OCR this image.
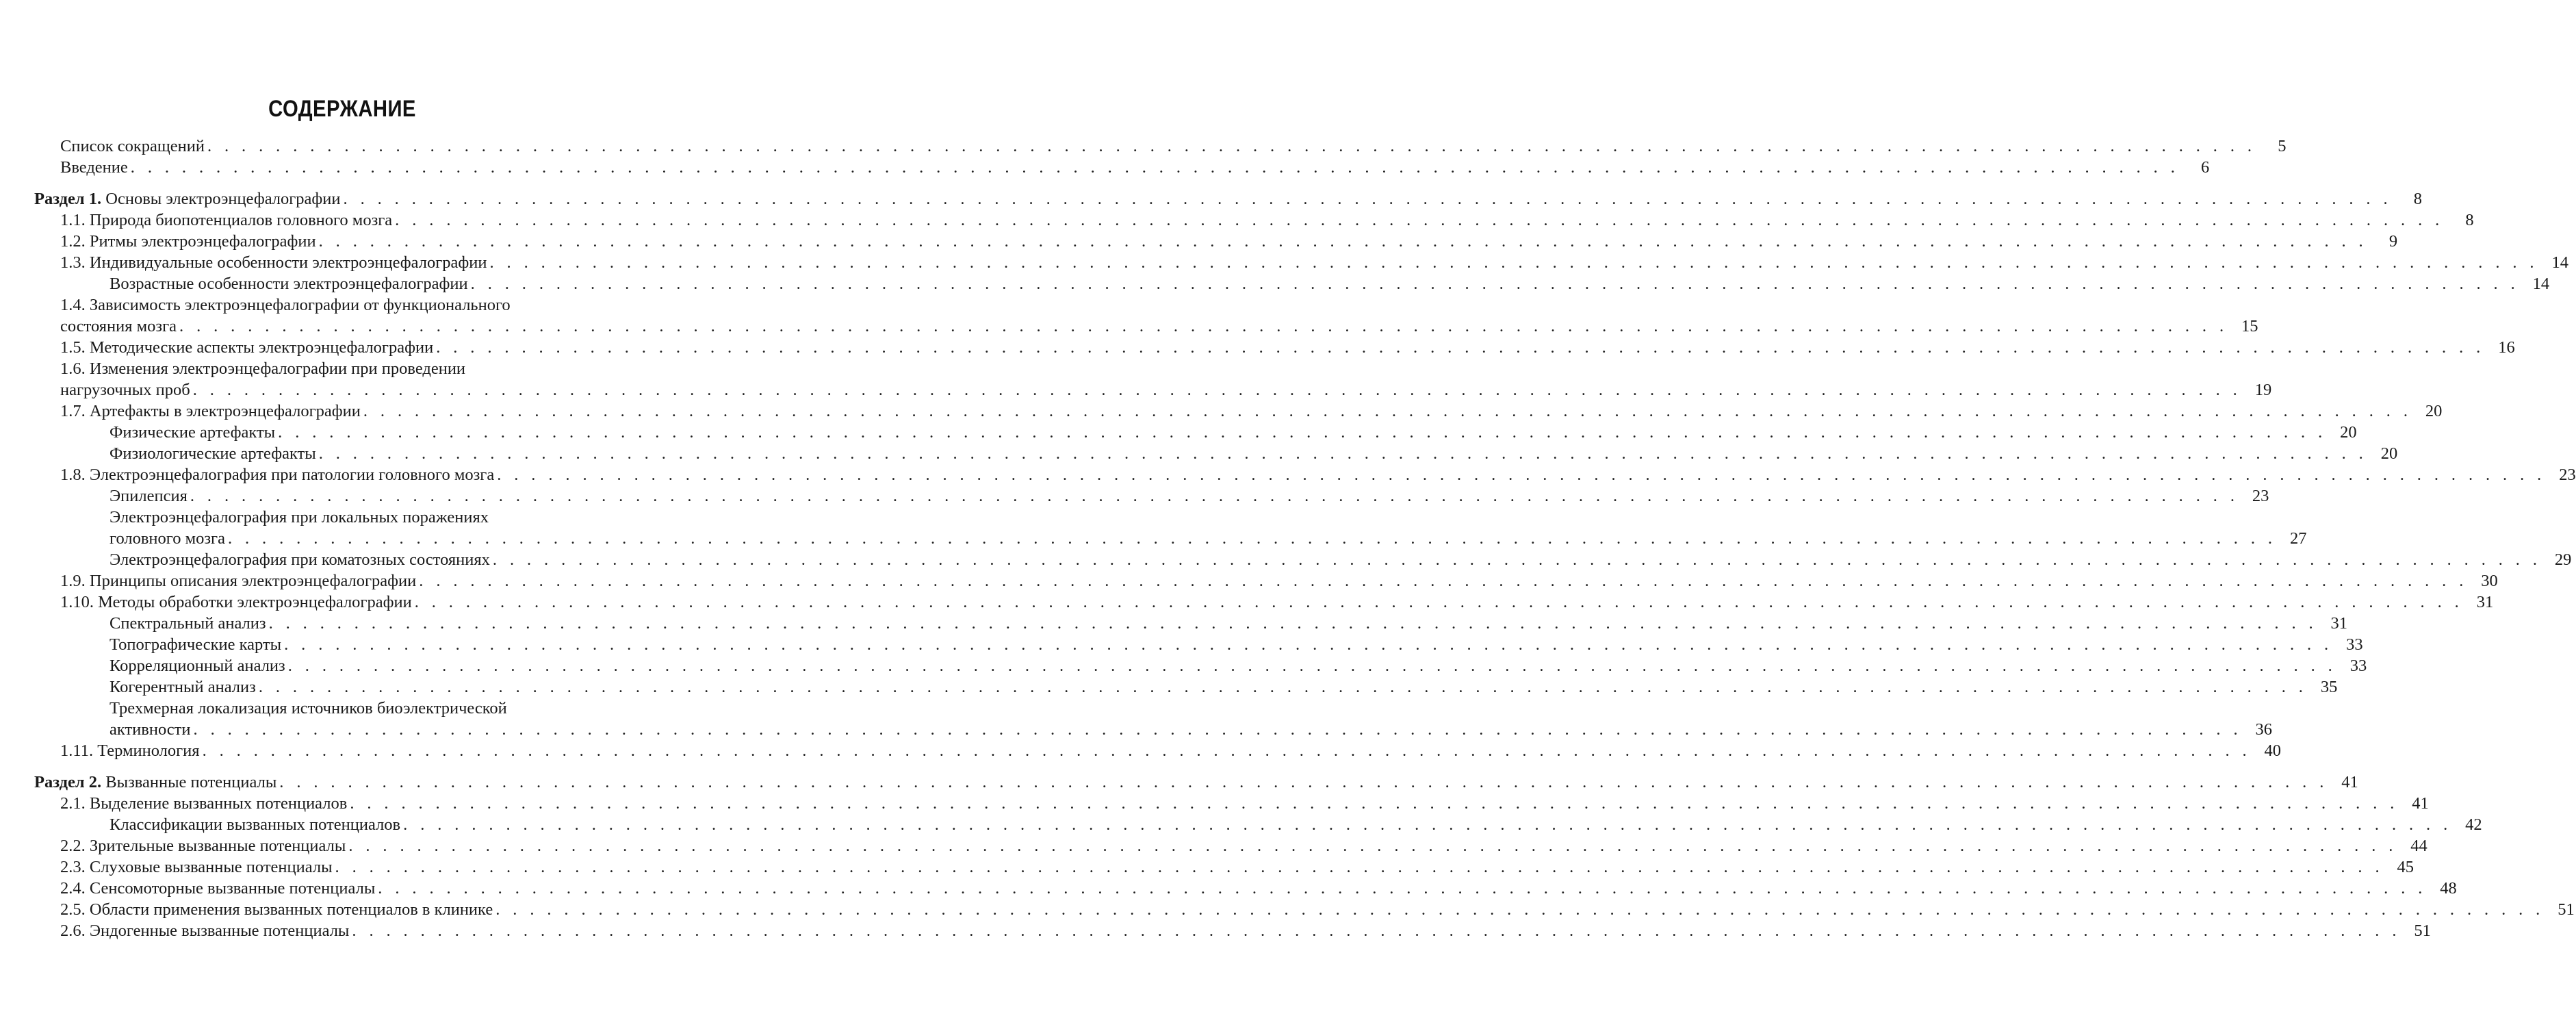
СОДЕРЖАНИЕ
Список сокращений . . . . . . . . . . . . . . . . . . . . . . . . . . . . . . . . . . . . . . . . . . . . . . . . . . . . . . . . . . . . . . . . . . . . . . . . . . . . . . . . . . . . . . . . . . . . . . . . . . . . . . . . . . . . . . . . . . . . . . . .	5
Введение . . . . . . . . . . . . . . . . . . . . . . . . . . . . . . . . . . . . . . . . . . . . . . . . . . . . . . . . . . . . . . . . . . . . . . . . . . . . . . . . . . . . . . . . . . . . . . . . . . . . . . . . . . . . . . . . . . . . . . . .	6
Раздел 1. Основы электроэнцефалографии . . . . . . . . . . . . . . . . . . . . . . . . . . . . . . . . . . . . . . . . . . . . . . . . . . . . . . . . . . . . . . . . . . . . . . . . . . . . . . . . . . . . . . . . . . . . . . . . . . . . . . . . . . . . . . . . . . . . . . . .	8
1.1. Природа биопотенциалов головного мозга . . . . . . . . . . . . . . . . . . . . . . . . . . . . . . . . . . . . . . . . . . . . . . . . . . . . . . . . . . . . . . . . . . . . . . . . . . . . . . . . . . . . . . . . . . . . . . . . . . . . . . . . . . . . . . . . . . . . . . . .	8
1.2. Ритмы электроэнцефалографии . . . . . . . . . . . . . . . . . . . . . . . . . . . . . . . . . . . . . . . . . . . . . . . . . . . . . . . . . . . . . . . . . . . . . . . . . . . . . . . . . . . . . . . . . . . . . . . . . . . . . . . . . . . . . . . . . . . . . . . .	9
1.3. Индивидуальные особенности электроэнцефалографии . . . . . . . . . . . . . . . . . . . . . . . . . . . . . . . . . . . . . . . . . . . . . . . . . . . . . . . . . . . . . . . . . . . . . . . . . . . . . . . . . . . . . . . . . . . . . . . . . . . . . . . . . . . . . . . . . . . . . . . . 14
Возрастные особенности электроэнцефалографии . . . . . . . . . . . . . . . . . . . . . . . . . . . . . . . . . . . . . . . . . . . . . . . . . . . . . . . . . . . . . . . . . . . . . . . . . . . . . . . . . . . . . . . . . . . . . . . . . . . . . . . . . . . . . . . . . . . . . . . . 14
1.4. Зависимость электроэнцефалографии от функционального
состояния мозга . . . . . . . . . . . . . . . . . . . . . . . . . . . . . . . . . . . . . . . . . . . . . . . . . . . . . . . . . . . . . . . . . . . . . . . . . . . . . . . . . . . . . . . . . . . . . . . . . . . . . . . . . . . . . . . . . . . . . . . . 15
1.5. Методические аспекты электроэнцефалографии . . . . . . . . . . . . . . . . . . . . . . . . . . . . . . . . . . . . . . . . . . . . . . . . . . . . . . . . . . . . . . . . . . . . . . . . . . . . . . . . . . . . . . . . . . . . . . . . . . . . . . . . . . . . . . . . . . . . . . . . 16
1.6. Изменения электроэнцефалографии при проведении
нагрузочных проб . . . . . . . . . . . . . . . . . . . . . . . . . . . . . . . . . . . . . . . . . . . . . . . . . . . . . . . . . . . . . . . . . . . . . . . . . . . . . . . . . . . . . . . . . . . . . . . . . . . . . . . . . . . . . . . . . . . . . . . . 19
1.7. Артефакты в электроэнцефалографии . . . . . . . . . . . . . . . . . . . . . . . . . . . . . . . . . . . . . . . . . . . . . . . . . . . . . . . . . . . . . . . . . . . . . . . . . . . . . . . . . . . . . . . . . . . . . . . . . . . . . . . . . . . . . . . . . . . . . . . . 20
Физические артефакты . . . . . . . . . . . . . . . . . . . . . . . . . . . . . . . . . . . . . . . . . . . . . . . . . . . . . . . . . . . . . . . . . . . . . . . . . . . . . . . . . . . . . . . . . . . . . . . . . . . . . . . . . . . . . . . . . . . . . . . . 20
Физиологические артефакты . . . . . . . . . . . . . . . . . . . . . . . . . . . . . . . . . . . . . . . . . . . . . . . . . . . . . . . . . . . . . . . . . . . . . . . . . . . . . . . . . . . . . . . . . . . . . . . . . . . . . . . . . . . . . . . . . . . . . . . . 20
1.8. Электроэнцефалография при патологии головного мозга . . . . . . . . . . . . . . . . . . . . . . . . . . . . . . . . . . . . . . . . . . . . . . . . . . . . . . . . . . . . . . . . . . . . . . . . . . . . . . . . . . . . . . . . . . . . . . . . . . . . . . . . . . . . . . . . . . . . . . . . 23
Эпилепсия . . . . . . . . . . . . . . . . . . . . . . . . . . . . . . . . . . . . . . . . . . . . . . . . . . . . . . . . . . . . . . . . . . . . . . . . . . . . . . . . . . . . . . . . . . . . . . . . . . . . . . . . . . . . . . . . . . . . . . . . 23
Электроэнцефалография при локальных поражениях
головного мозга . . . . . . . . . . . . . . . . . . . . . . . . . . . . . . . . . . . . . . . . . . . . . . . . . . . . . . . . . . . . . . . . . . . . . . . . . . . . . . . . . . . . . . . . . . . . . . . . . . . . . . . . . . . . . . . . . . . . . . . . 27
Электроэнцефалография при коматозных состояниях . . . . . . . . . . . . . . . . . . . . . . . . . . . . . . . . . . . . . . . . . . . . . . . . . . . . . . . . . . . . . . . . . . . . . . . . . . . . . . . . . . . . . . . . . . . . . . . . . . . . . . . . . . . . . . . . . . . . . . . . 29
1.9. Принципы описания электроэнцефалографии . . . . . . . . . . . . . . . . . . . . . . . . . . . . . . . . . . . . . . . . . . . . . . . . . . . . . . . . . . . . . . . . . . . . . . . . . . . . . . . . . . . . . . . . . . . . . . . . . . . . . . . . . . . . . . . . . . . . . . . . 30
1.10. Методы обработки электроэнцефалографии . . . . . . . . . . . . . . . . . . . . . . . . . . . . . . . . . . . . . . . . . . . . . . . . . . . . . . . . . . . . . . . . . . . . . . . . . . . . . . . . . . . . . . . . . . . . . . . . . . . . . . . . . . . . . . . . . . . . . . . . 31
Спектральный анализ . . . . . . . . . . . . . . . . . . . . . . . . . . . . . . . . . . . . . . . . . . . . . . . . . . . . . . . . . . . . . . . . . . . . . . . . . . . . . . . . . . . . . . . . . . . . . . . . . . . . . . . . . . . . . . . . . . . . . . . . 31
Топографические карты . . . . . . . . . . . . . . . . . . . . . . . . . . . . . . . . . . . . . . . . . . . . . . . . . . . . . . . . . . . . . . . . . . . . . . . . . . . . . . . . . . . . . . . . . . . . . . . . . . . . . . . . . . . . . . . . . . . . . . . . 33
Корреляционный анализ . . . . . . . . . . . . . . . . . . . . . . . . . . . . . . . . . . . . . . . . . . . . . . . . . . . . . . . . . . . . . . . . . . . . . . . . . . . . . . . . . . . . . . . . . . . . . . . . . . . . . . . . . . . . . . . . . . . . . . . . 33
Когерентный анализ . . . . . . . . . . . . . . . . . . . . . . . . . . . . . . . . . . . . . . . . . . . . . . . . . . . . . . . . . . . . . . . . . . . . . . . . . . . . . . . . . . . . . . . . . . . . . . . . . . . . . . . . . . . . . . . . . . . . . . . . 35
Трехмерная локализация источников биоэлектрической
активности . . . . . . . . . . . . . . . . . . . . . . . . . . . . . . . . . . . . . . . . . . . . . . . . . . . . . . . . . . . . . . . . . . . . . . . . . . . . . . . . . . . . . . . . . . . . . . . . . . . . . . . . . . . . . . . . . . . . . . . . 36
1.11. Терминология . . . . . . . . . . . . . . . . . . . . . . . . . . . . . . . . . . . . . . . . . . . . . . . . . . . . . . . . . . . . . . . . . . . . . . . . . . . . . . . . . . . . . . . . . . . . . . . . . . . . . . . . . . . . . . . . . . . . . . . . 40
Раздел 2. Вызванные потенциалы . . . . . . . . . . . . . . . . . . . . . . . . . . . . . . . . . . . . . . . . . . . . . . . . . . . . . . . . . . . . . . . . . . . . . . . . . . . . . . . . . . . . . . . . . . . . . . . . . . . . . . . . . . . . . . . . . . . . . . . . 41
2.1. Выделение вызванных потенциалов . . . . . . . . . . . . . . . . . . . . . . . . . . . . . . . . . . . . . . . . . . . . . . . . . . . . . . . . . . . . . . . . . . . . . . . . . . . . . . . . . . . . . . . . . . . . . . . . . . . . . . . . . . . . . . . . . . . . . . . . 41
Классификации вызванных потенциалов . . . . . . . . . . . . . . . . . . . . . . . . . . . . . . . . . . . . . . . . . . . . . . . . . . . . . . . . . . . . . . . . . . . . . . . . . . . . . . . . . . . . . . . . . . . . . . . . . . . . . . . . . . . . . . . . . . . . . . . . 42
2.2. Зрительные вызванные потенциалы . . . . . . . . . . . . . . . . . . . . . . . . . . . . . . . . . . . . . . . . . . . . . . . . . . . . . . . . . . . . . . . . . . . . . . . . . . . . . . . . . . . . . . . . . . . . . . . . . . . . . . . . . . . . . . . . . . . . . . . . 44
2.3. Слуховые вызванные потенциалы . . . . . . . . . . . . . . . . . . . . . . . . . . . . . . . . . . . . . . . . . . . . . . . . . . . . . . . . . . . . . . . . . . . . . . . . . . . . . . . . . . . . . . . . . . . . . . . . . . . . . . . . . . . . . . . . . . . . . . . . 45
2.4. Сенсомоторные вызванные потенциалы . . . . . . . . . . . . . . . . . . . . . . . . . . . . . . . . . . . . . . . . . . . . . . . . . . . . . . . . . . . . . . . . . . . . . . . . . . . . . . . . . . . . . . . . . . . . . . . . . . . . . . . . . . . . . . . . . . . . . . . . 48
2.5. Области применения вызванных потенциалов в клинике . . . . . . . . . . . . . . . . . . . . . . . . . . . . . . . . . . . . . . . . . . . . . . . . . . . . . . . . . . . . . . . . . . . . . . . . . . . . . . . . . . . . . . . . . . . . . . . . . . . . . . . . . . . . . . . . . . . . . . . . 51
2.6. Эндогенные вызванные потенциалы . . . . . . . . . . . . . . . . . . . . . . . . . . . . . . . . . . . . . . . . . . . . . . . . . . . . . . . . . . . . . . . . . . . . . . . . . . . . . . . . . . . . . . . . . . . . . . . . . . . . . . . . . . . . . . . . . . . . . . . . 51
